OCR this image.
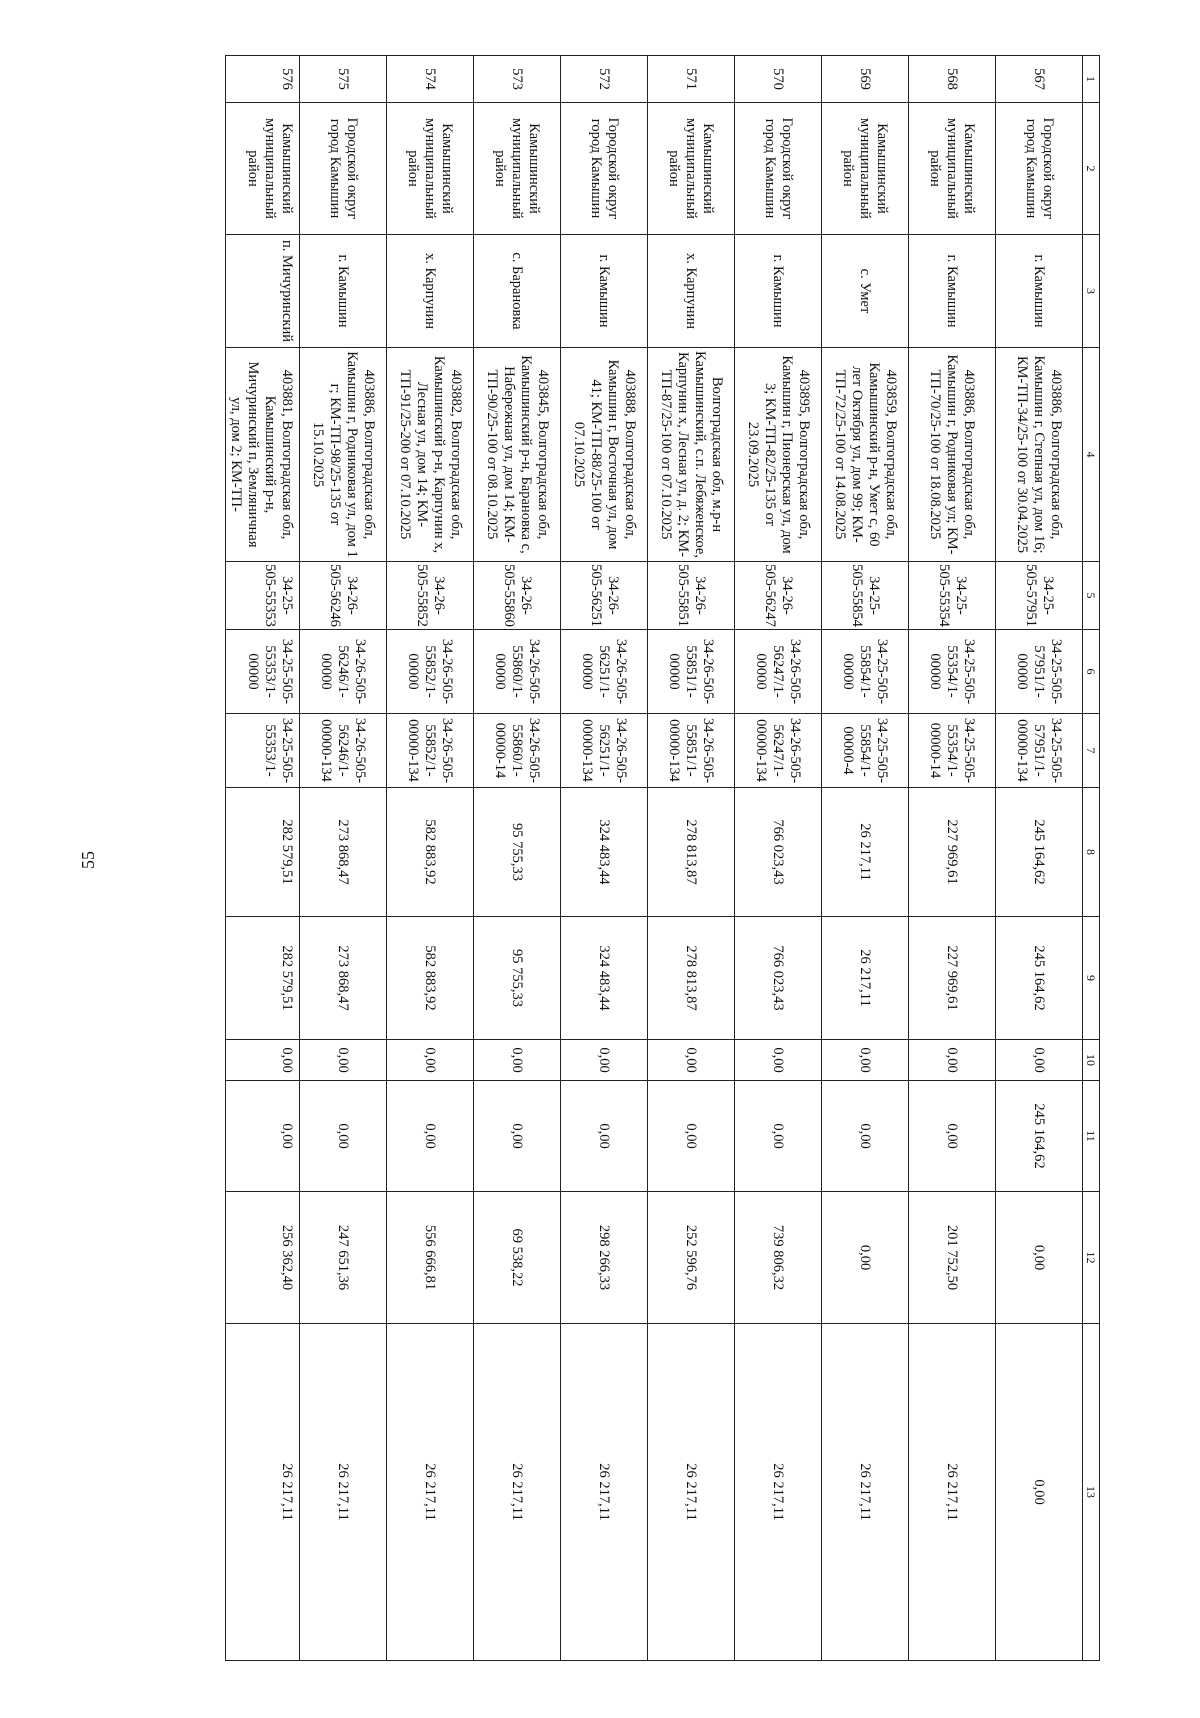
55
1	2	3	4	5	6	7	8	9	10	11	12	13
567	Городской округ город Камышин	г. Камышин	403886, Волгоградская обл, Камышин г, Степная ул, дом 16; КМ-ТП-34/25-100 от 30.04.2025	34-25-505-57951	34-25-505-57951/1-00000	34-25-505-57951/1-00000-134	245 164,62	245 164,62	0,00	245 164,62	0,00	0,00
568	Камышинский муниципальный район	г. Камышин	403886, Волгоградская обл, Камышин г, Родниковая ул; КМ-ТП-70/25-100 от 18.08.2025	34-25-505-55354	34-25-505-55354/1-00000	34-25-505-55354/1-00000-14	227 969,61	227 969,61	0,00	0,00	201 752,50	26 217,11
569	Камышинский муниципальный район	с. Умет	403859, Волгоградская обл, Камышинский р-н, Умет с, 60 лет Октября ул, дом 99; КМ-ТП-72/25-100 от 14.08.2025	34-25-505-55854	34-25-505-55854/1-00000	34-25-505-55854/1-00000-4	26 217,11	26 217,11	0,00	0,00	0,00	26 217,11
570	Городской округ город Камышин	г. Камышин	403895, Волгоградская обл, Камышин г, Пионерская ул, дом 3; КМ-ТП-82/25-135 от 23.09.2025	34-26-505-56247	34-26-505-56247/1-00000	34-26-505-56247/1-00000-134	766 023,43	766 023,43	0,00	0,00	739 806,32	26 217,11
571	Камышинский муниципальный район	х. Карпунин	Волгоградская обл, м.р-н Камышинский, с.п. Лебяженское, Карпунин х, Лесная ул, д. 2; КМ-ТП-87/25-100 от 07.10.2025	34-26-505-55851	34-26-505-55851/1-00000	34-26-505-55851/1-00000-134	278 813,87	278 813,87	0,00	0,00	252 596,76	26 217,11
572	Городской округ город Камышин	г. Камышин	403888, Волгоградская обл, Камышин г, Восточная ул, дом 41; КМ-ТП-88/25-100 от 07.10.2025	34-26-505-56251	34-26-505-56251/1-00000	34-26-505-56251/1-00000-134	324 483,44	324 483,44	0,00	0,00	298 266,33	26 217,11
573	Камышинский муниципальный район	с. Барановка	403845, Волгоградская обл, Камышинский р-н, Барановка с, Набережная ул, дом 14; КМ-ТП-90/25-100 от 08.10.2025	34-26-505-55860	34-26-505-55860/1-00000	34-26-505-55860/1-00000-14	95 755,33	95 755,33	0,00	0,00	69 538,22	26 217,11
574	Камышинский муниципальный район	х. Карпунин	403882, Волгоградская обл, Камышинский р-н, Карпунин х, Лесная ул, дом 14; КМ-ТП-91/25-200 от 07.10.2025	34-26-505-55852	34-26-505-55852/1-00000	34-26-505-55852/1-00000-134	582 883,92	582 883,92	0,00	0,00	556 666,81	26 217,11
575	Городской округ город Камышин	г. Камышин	403886, Волгоградская обл, Камышин г, Родниковая ул, дом 1 г; КМ-ТП-98/25-135 от 15.10.2025	34-26-505-56246	34-26-505-56246/1-00000	34-26-505-56246/1-00000-134	273 868,47	273 868,47	0,00	0,00	247 651,36	26 217,11
576	Камышинский муниципальный район	п. Мичуринский	403881, Волгоградская обл, Камышинский р-н, Мичуринский п, Земляничная ул, дом 2; КМ-ТП-	34-25-505-55353	34-25-505-55353/1-00000	34-25-505-55353/1-	282 579,51	282 579,51	0,00	0,00	256 362,40	26 217,11
